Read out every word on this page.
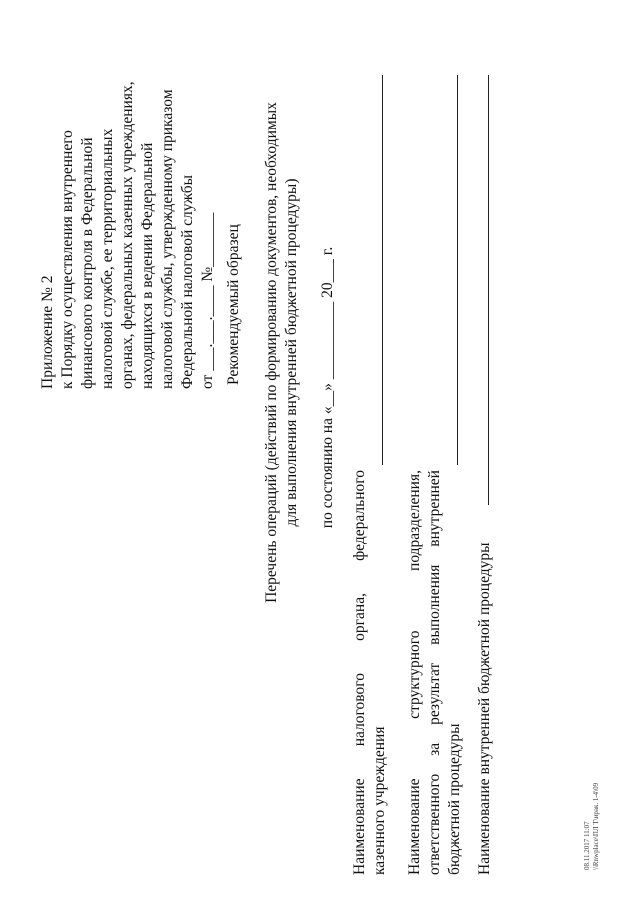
Приложение № 2 к Порядку осуществления внутреннего финансового контроля в Федеральной налоговой службе, ее территориальных органах, федеральных казенных учреждениях, находящихся в ведении Федеральной налоговой службы, утвержденному приказом Федеральной налоговой службы от ___.___.____ №_______ Рекомендуемый образец Перечень операций (действий по формированию документов, необходимых для выполнения внутренней бюджетной процедуры) по состоянию на «__» __________ 20___ г.
Наименование
налогового
органа,
федерального
казенного учреждения Наименование
структурного
подразделения,
ответственного
за
результат
выполнения
внутренней
бюджетной процедуры Наименование внутренней бюджетной процедуры	08.11.2017 11:07 \\Rnwplace\ПЛ Т\ирак. 1-4\09
